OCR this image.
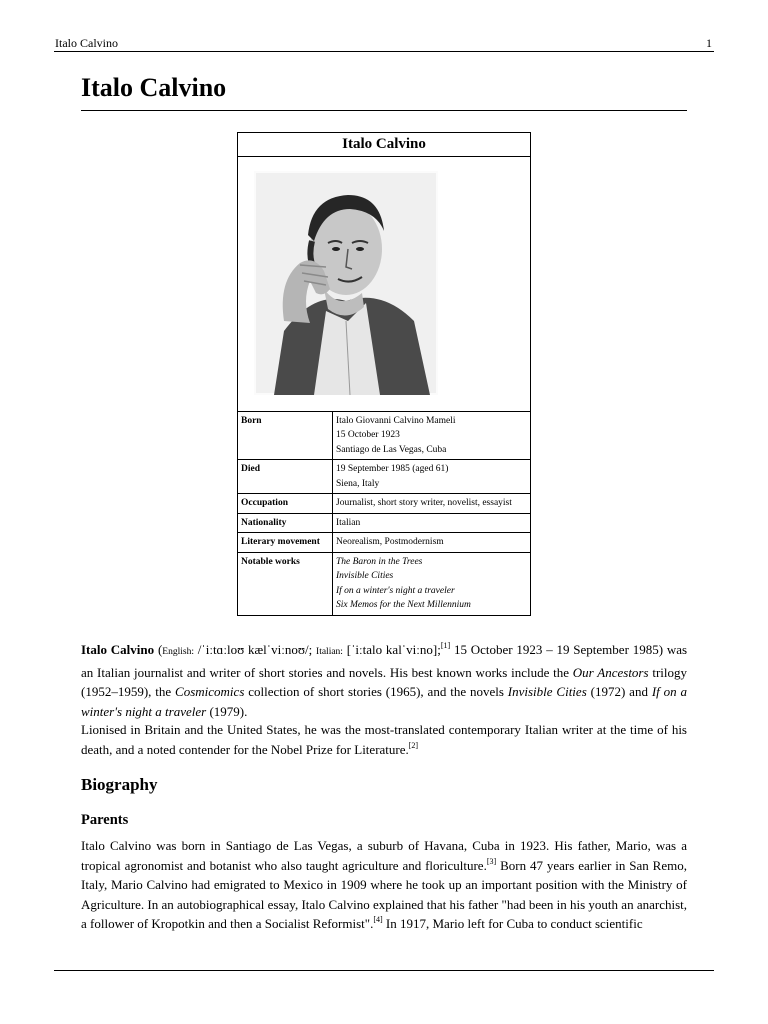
Italo Calvino	1
Italo Calvino
Italo Calvino	

Born	Italo Giovanni Calvino Mameli
15 October 1923
Santiago de Las Vegas, Cuba

Died	19 September 1985 (aged 61)
Siena, Italy

Occupation	Journalist, short story writer, novelist, essayist

Nationality	Italian

Literary movement	Neorealism, Postmodernism

Notable works	The Baron in the Trees
Invisible Cities
If on a winter's night a traveler
Six Memos for the Next Millennium

Italo Calvino (English: /ˈiːtɑːloʊ kælˈviːnoʊ/; Italian: [ˈiːtalo kalˈviːno];[1] 15 October 1923 – 19 September 1985) was an Italian journalist and writer of short stories and novels. His best known works include the Our Ancestors trilogy (1952–1959), the Cosmicomics collection of short stories (1965), and the novels Invisible Cities (1972) and If on a winter's night a traveler (1979).

Lionised in Britain and the United States, he was the most-translated contemporary Italian writer at the time of his death, and a noted contender for the Nobel Prize for Literature.[2]

Biography
Parents

Italo Calvino was born in Santiago de Las Vegas, a suburb of Havana, Cuba in 1923. His father, Mario, was a tropical agronomist and botanist who also taught agriculture and floriculture.[3] Born 47 years earlier in San Remo, Italy, Mario Calvino had emigrated to Mexico in 1909 where he took up an important position with the Ministry of Agriculture. In an autobiographical essay, Italo Calvino explained that his father "had been in his youth an anarchist, a follower of Kropotkin and then a Socialist Reformist".[4] In 1917, Mario left for Cuba to conduct scientific
